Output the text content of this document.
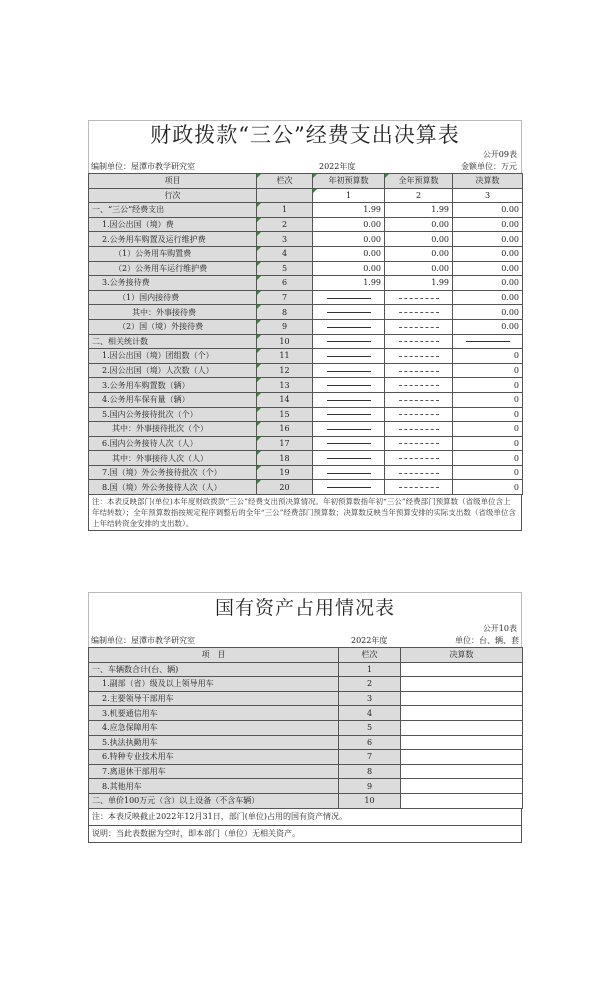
财政拨款“三公”经费支出决算表
公开09表
编制单位：屋潭市教学研究室	2022年度	金额单位：万元
项目	栏次	年初预算数	全年预算数	决算数
行次		1	2	3
一、“三公”经费支出	1	1.99	1.99	0.00
1.因公出国（境）费	2	0.00	0.00	0.00
2.公务用车购置及运行维护费	3	0.00	0.00	0.00
（1）公务用车购置费	4	0.00	0.00	0.00
（2）公务用车运行维护费	5	0.00	0.00	0.00
3.公务接待费	6	1.99	1.99	0.00
（1）国内接待费	7			0.00
其中：外事接待费	8			0.00
（2）国（境）外接待费	9			0.00
二、相关统计数	10			
1.因公出国（境）团组数（个）	11			0
2.因公出国（境）人次数（人）	12			0
3.公务用车购置数（辆）	13			0
4.公务用车保有量（辆）	14			0
5.国内公务接待批次（个）	15			0
其中：外事接待批次（个）	16			0
6.国内公务接待人次（人）	17			0
其中：外事接待人次（人）	18			0
7.国（境）外公务接待批次（个）	19			0
8.国（境）外公务接待人次（人）	20			0
注：本表反映部门(单位)本年度财政拨款“三公”经费支出预决算情况。年初预算数指年初“三公”经费部门预算数（省级单位含上年结转数）；全年预算数指按规定程序调整后的全年“三公”经费部门预算数；决算数反映当年预算安排的实际支出数（省级单位含上年结转资金安排的支出数）。
国有资产占用情况表
公开10表
编制单位：屋潭市教学研究室	2022年度	单位：台、辆、套
项　目	栏次	决算数
一、车辆数合计(台、辆)	1	
1.副部（省）级及以上领导用车	2	
2.主要领导干部用车	3	
3.机要通信用车	4	
4.应急保障用车	5	
5.执法执勤用车	6	
6.特种专业技术用车	7	
7.离退休干部用车	8	
8.其他用车	9	
二、单价100万元（含）以上设备（不含车辆）	10	
注：本表反映截止2022年12月31日，部门(单位)占用的国有资产情况。
说明：当此表数据为空时，即本部门（单位）无相关资产。
